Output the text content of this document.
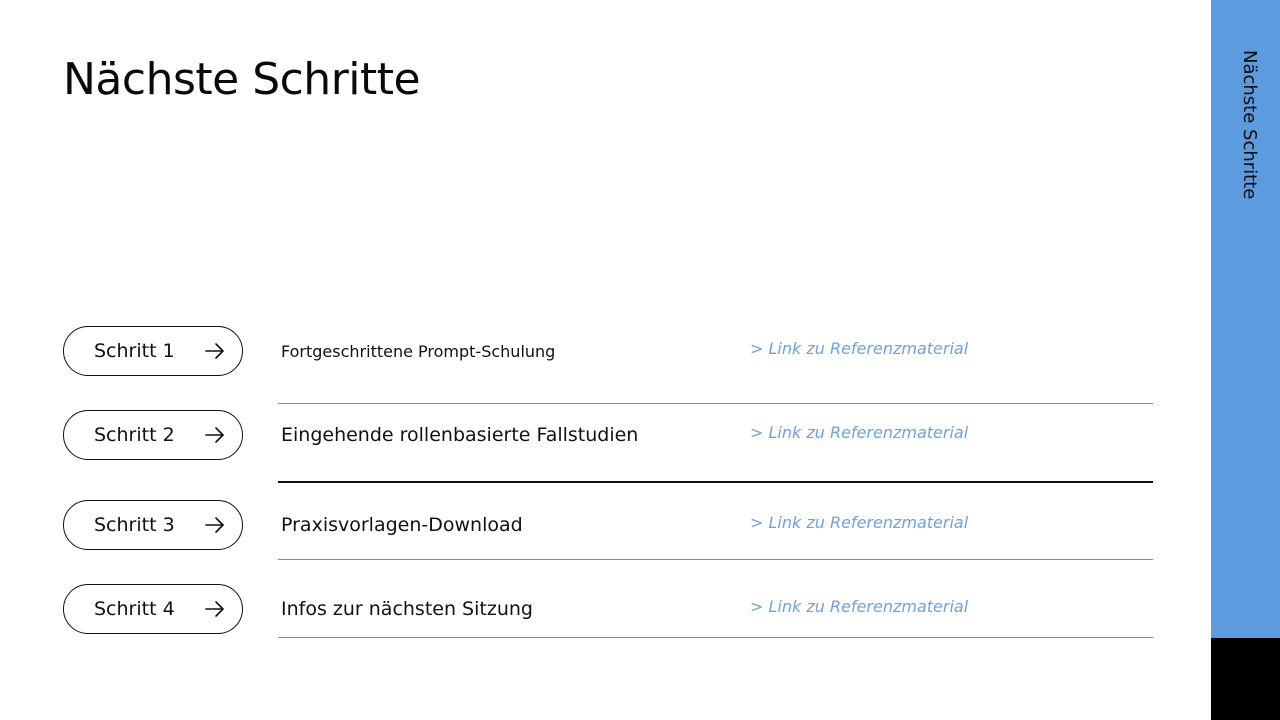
Nächste Schritte	Nächste Schritte
Schritt 1	Fortgeschrittene Prompt-Schulung	> Link zu Referenzmaterial
Schritt 2	Eingehende rollenbasierte Fallstudien	> Link zu Referenzmaterial
Schritt 3	Praxisvorlagen-Download	> Link zu Referenzmaterial
Schritt 4	Infos zur nächsten Sitzung	> Link zu Referenzmaterial
